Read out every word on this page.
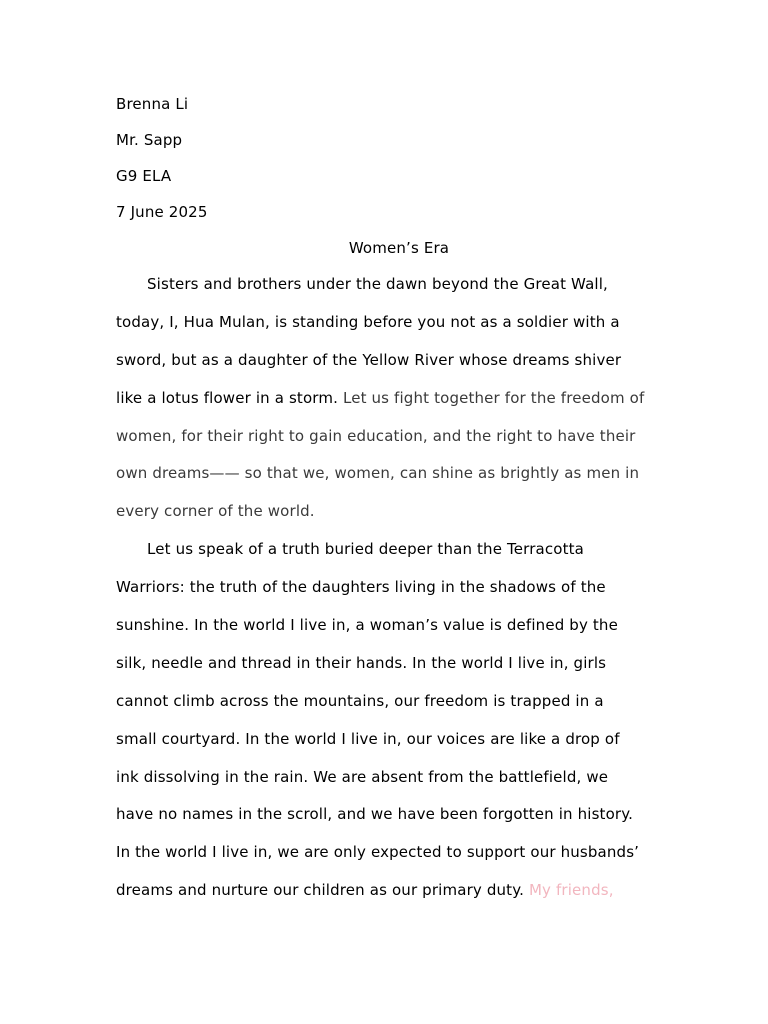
Brenna Li
Mr. Sapp
G9 ELA
7 June 2025
Women’s Era
Sisters and brothers under the dawn beyond the Great Wall,
today, I, Hua Mulan, is standing before you not as a soldier with a
sword, but as a daughter of the Yellow River whose dreams shiver
like a lotus flower in a storm. Let us fight together for the freedom of
women, for their right to gain education, and the right to have their
own dreams—— so that we, women, can shine as brightly as men in
every corner of the world.
Let us speak of a truth buried deeper than the Terracotta
Warriors: the truth of the daughters living in the shadows of the
sunshine. In the world I live in, a woman’s value is defined by the
silk, needle and thread in their hands. In the world I live in, girls
cannot climb across the mountains, our freedom is trapped in a
small courtyard. In the world I live in, our voices are like a drop of
ink dissolving in the rain. We are absent from the battlefield, we
have no names in the scroll, and we have been forgotten in history.
In the world I live in, we are only expected to support our husbands’
dreams and nurture our children as our primary duty. My friends,
